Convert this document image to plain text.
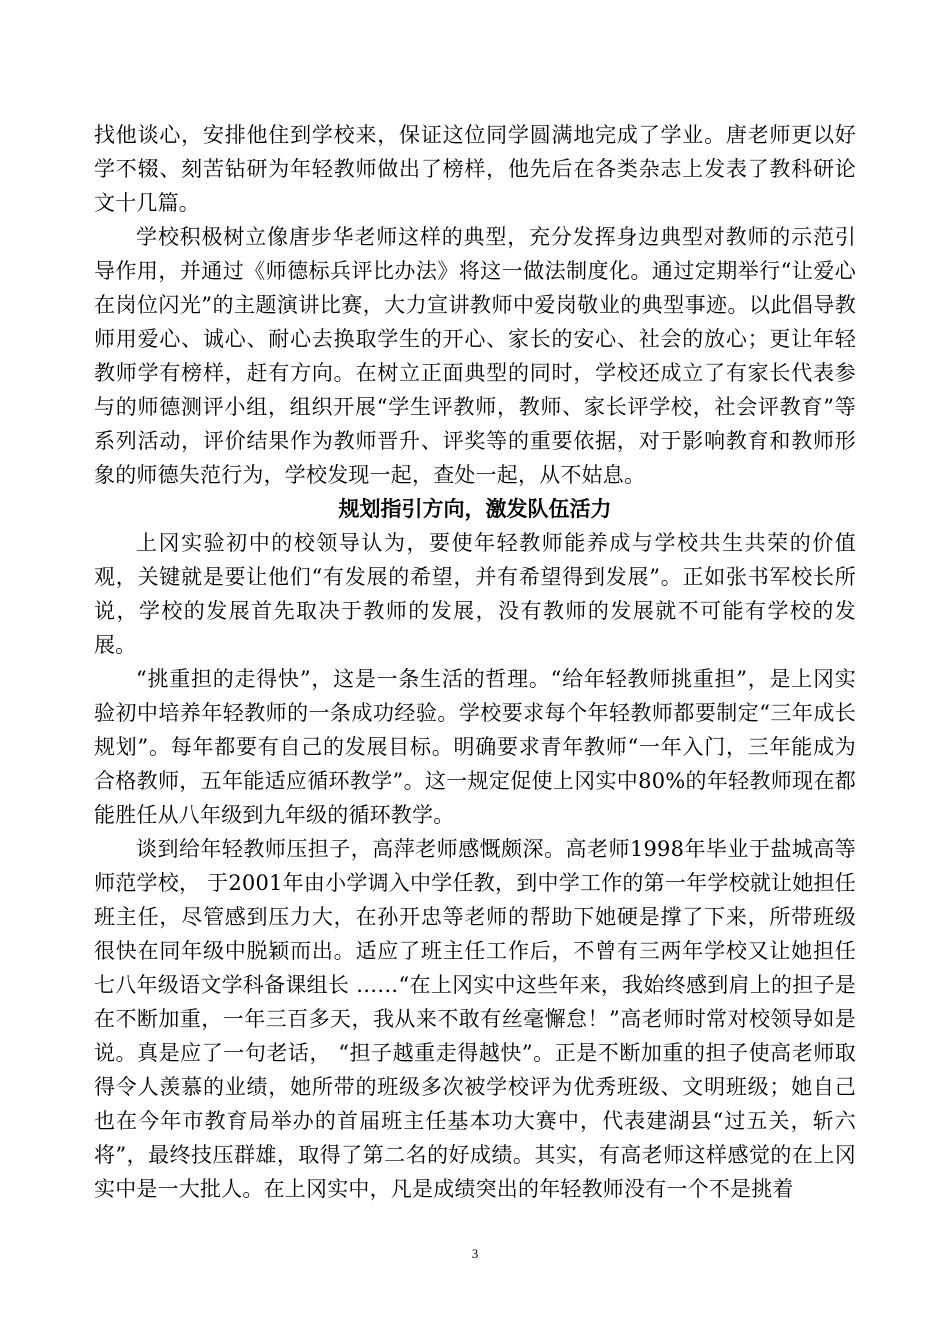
找他谈心，安排他住到学校来，保证这位同学圆满地完成了学业。唐老师更以好学不辍、刻苦钻研为年轻教师做出了榜样，他先后在各类杂志上发表了教科研论文十几篇。

学校积极树立像唐步华老师这样的典型，充分发挥身边典型对教师的示范引导作用，并通过《师德标兵评比办法》将这一做法制度化。通过定期举行“让爱心在岗位闪光”的主题演讲比赛，大力宣讲教师中爱岗敬业的典型事迹。以此倡导教师用爱心、诚心、耐心去换取学生的开心、家长的安心、社会的放心；更让年轻教师学有榜样，赶有方向。在树立正面典型的同时，学校还成立了有家长代表参与的师德测评小组，组织开展“学生评教师，教师、家长评学校，社会评教育”等系列活动，评价结果作为教师晋升、评奖等的重要依据，对于影响教育和教师形象的师德失范行为，学校发现一起，查处一起，从不姑息。

规划指引方向，激发队伍活力

上冈实验初中的校领导认为，要使年轻教师能养成与学校共生共荣的价值观，关键就是要让他们“有发展的希望，并有希望得到发展”。正如张书军校长所说，学校的发展首先取决于教师的发展，没有教师的发展就不可能有学校的发展。

“挑重担的走得快”，这是一条生活的哲理。“给年轻教师挑重担”，是上冈实验初中培养年轻教师的一条成功经验。学校要求每个年轻教师都要制定“三年成长规划”。每年都要有自己的发展目标。明确要求青年教师“一年入门，三年能成为合格教师，五年能适应循环教学”。这一规定促使上冈实中80%的年轻教师现在都能胜任从八年级到九年级的循环教学。

谈到给年轻教师压担子，高萍老师感慨颇深。高老师1998年毕业于盐城高等师范学校， 于2001年由小学调入中学任教，到中学工作的第一年学校就让她担任班主任，尽管感到压力大，在孙开忠等老师的帮助下她硬是撑了下来，所带班级很快在同年级中脱颖而出。适应了班主任工作后，不曾有三两年学校又让她担任七八年级语文学科备课组长 ……“在上冈实中这些年来，我始终感到肩上的担子是在不断加重，一年三百多天，我从来不敢有丝毫懈怠！”高老师时常对校领导如是说。真是应了一句老话， “担子越重走得越快”。正是不断加重的担子使高老师取得令人羡慕的业绩，她所带的班级多次被学校评为优秀班级、文明班级；她自己也在今年市教育局举办的首届班主任基本功大赛中，代表建湖县“过五关，斩六将”，最终技压群雄，取得了第二名的好成绩。其实，有高老师这样感觉的在上冈实中是一大批人。在上冈实中，凡是成绩突出的年轻教师没有一个不是挑着

3
